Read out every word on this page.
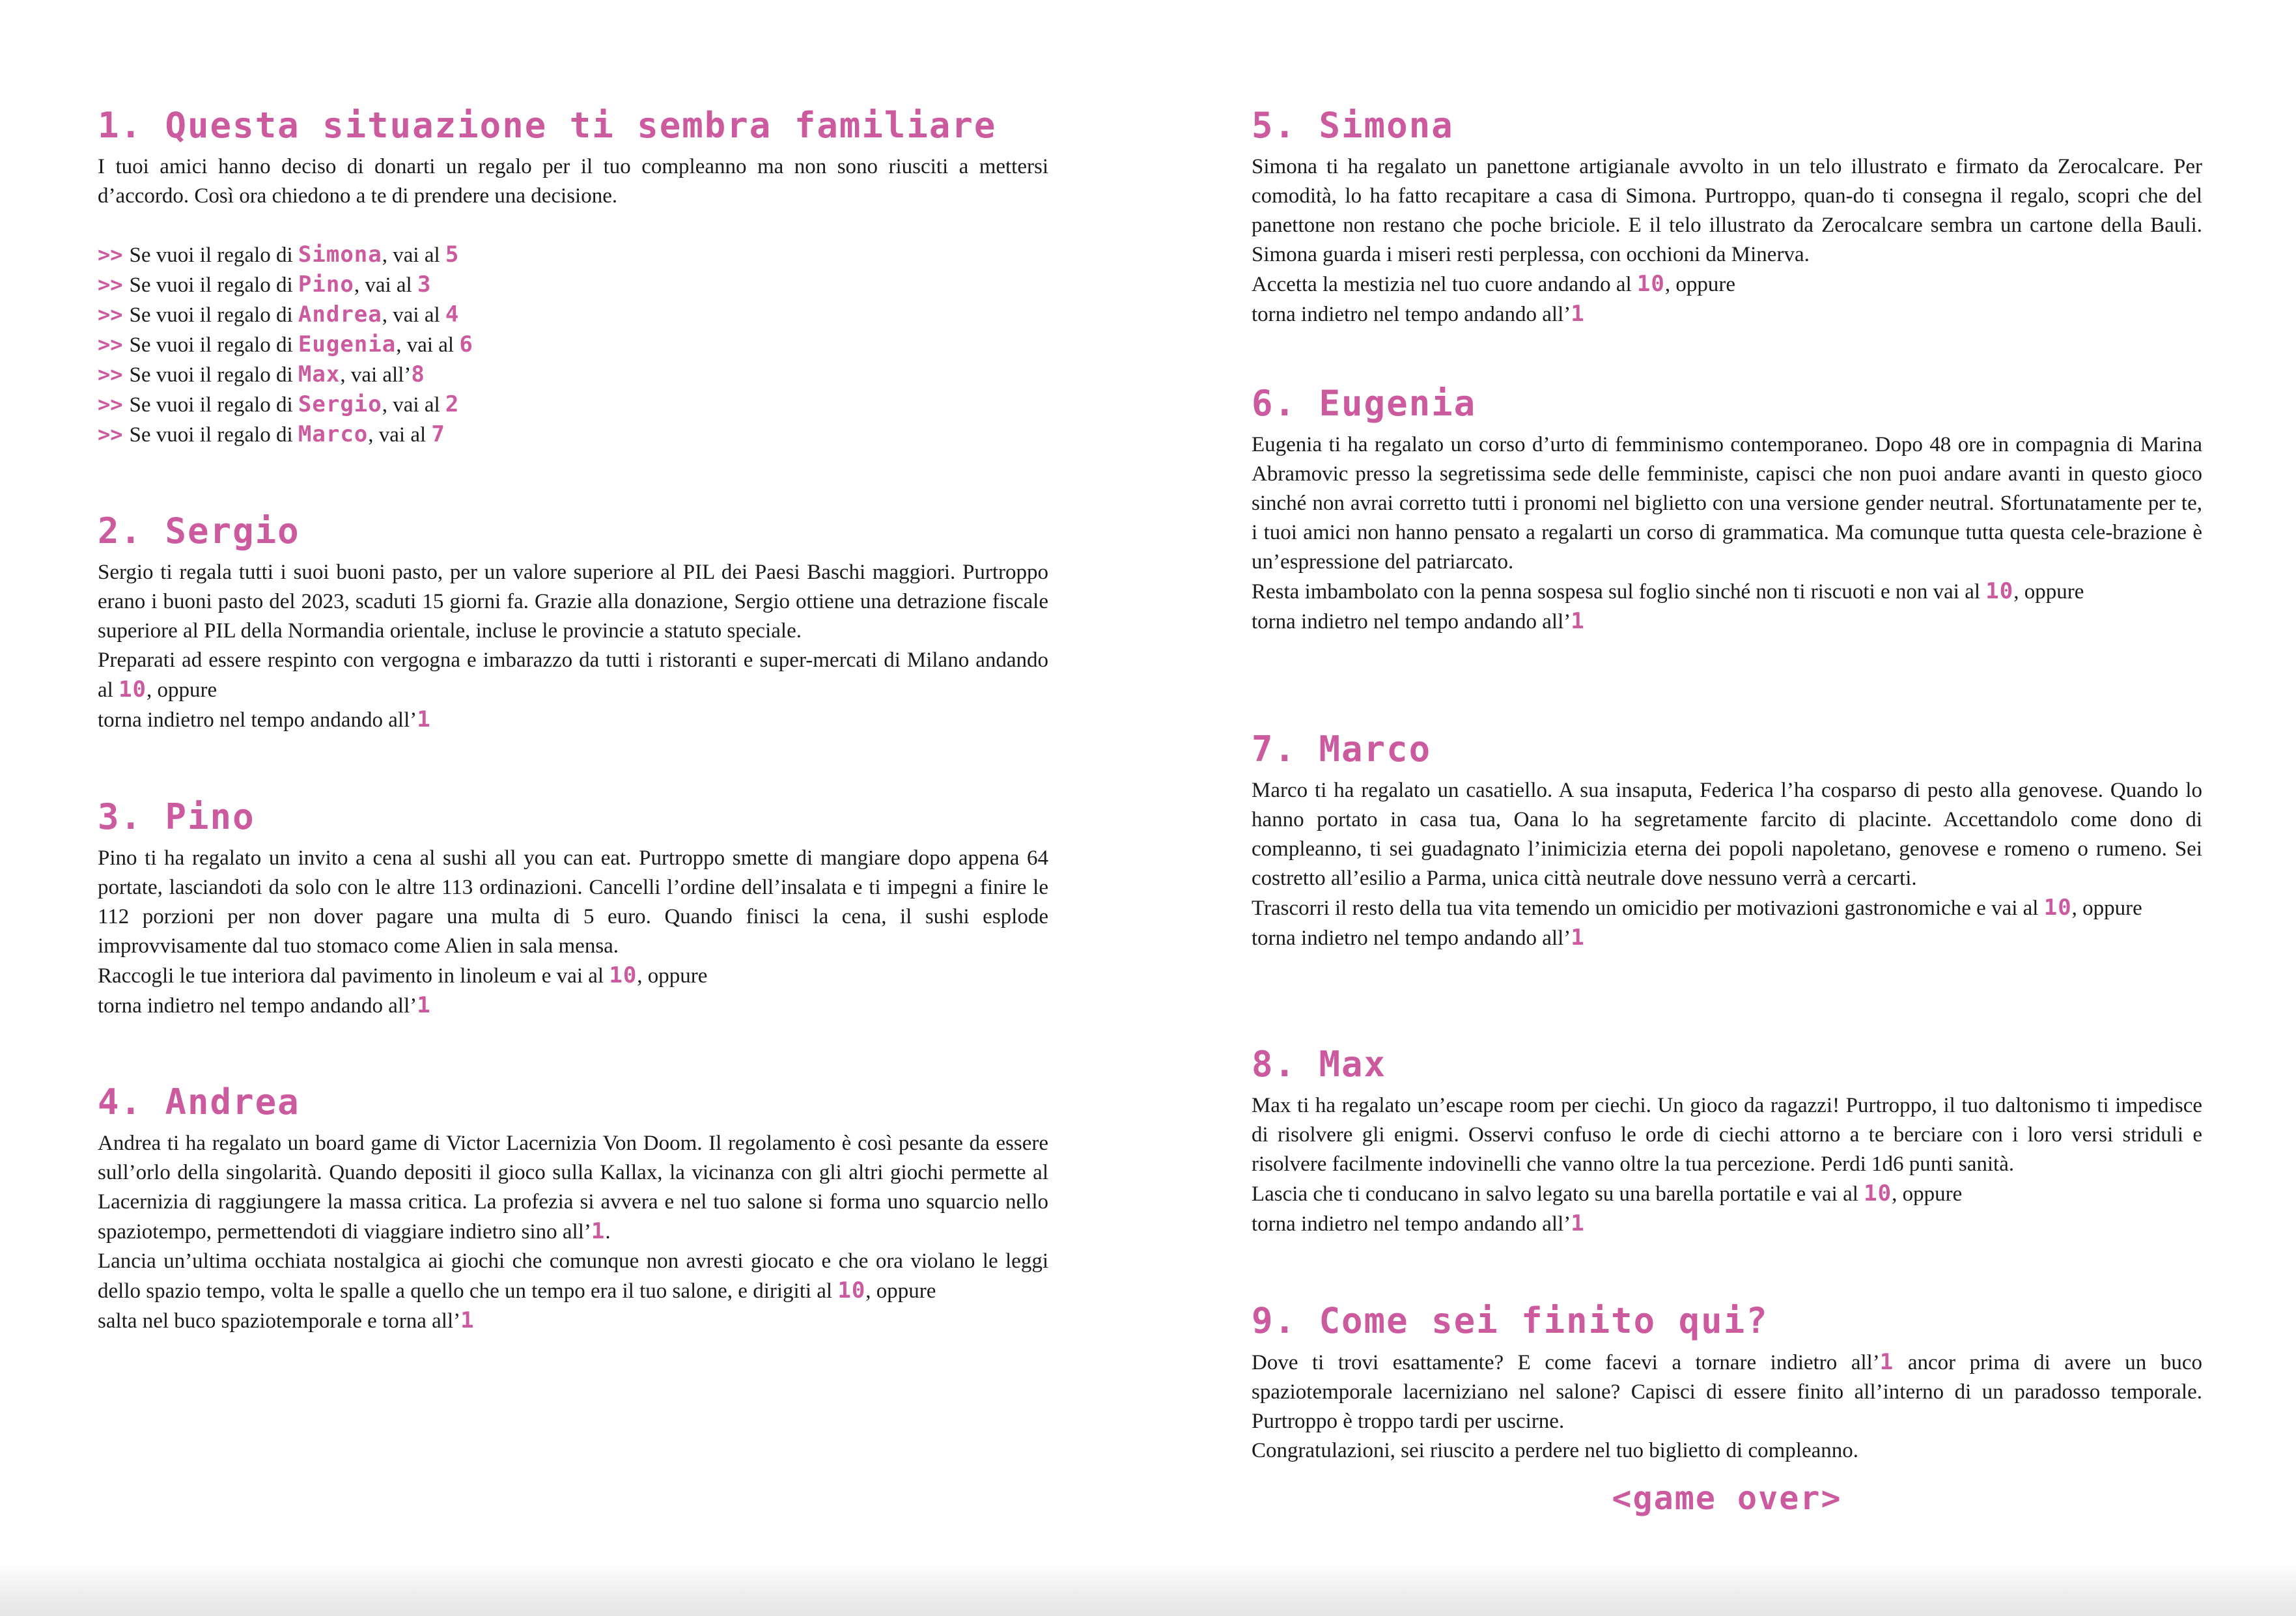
1. Questa situazione ti sembra familiare

I tuoi amici hanno deciso di donarti un regalo per il tuo compleanno ma non sono riusciti a mettersi d’accordo. Così ora chiedono a te di prendere una decisione.

>> Se vuoi il regalo di Simona, vai al 5
>> Se vuoi il regalo di Pino, vai al 3
>> Se vuoi il regalo di Andrea, vai al 4
>> Se vuoi il regalo di Eugenia, vai al 6
>> Se vuoi il regalo di Max, vai all’8
>> Se vuoi il regalo di Sergio, vai al 2
>> Se vuoi il regalo di Marco, vai al 7
2. Sergio

Sergio ti regala tutti i suoi buoni pasto, per un valore superiore al PIL dei Paesi Baschi maggiori. Purtroppo erano i buoni pasto del 2023, scaduti 15 giorni fa. Grazie alla donazione, Sergio ottiene una detrazione fiscale superiore al PIL della Normandia orientale, incluse le provincie a statuto speciale.

Preparati ad essere respinto con vergogna e imbarazzo da tutti i ristoranti e super-mercati di Milano andando al 10, oppure

torna indietro nel tempo andando all’1

3. Pino

Pino ti ha regalato un invito a cena al sushi all you can eat. Purtroppo smette di mangiare dopo appena 64 portate, lasciandoti da solo con le altre 113 ordinazioni. Cancelli l’ordine dell’insalata e ti impegni a finire le 112 porzioni per non dover pagare una multa di 5 euro. Quando finisci la cena, il sushi esplode improvvisamente dal tuo stomaco come Alien in sala mensa.

Raccogli le tue interiora dal pavimento in linoleum e vai al 10, oppure

torna indietro nel tempo andando all’1

4. Andrea

Andrea ti ha regalato un board game di Victor Lacernizia Von Doom. Il regolamento è così pesante da essere sull’orlo della singolarità. Quando depositi il gioco sulla Kallax, la vicinanza con gli altri giochi permette al Lacernizia di raggiungere la massa critica. La profezia si avvera e nel tuo salone si forma uno squarcio nello spaziotempo, permettendoti di viaggiare indietro sino all’1.

Lancia un’ultima occhiata nostalgica ai giochi che comunque non avresti giocato e che ora violano le leggi dello spazio tempo, volta le spalle a quello che un tempo era il tuo salone, e dirigiti al 10, oppure

salta nel buco spaziotemporale e torna all’1

5. Simona

Simona ti ha regalato un panettone artigianale avvolto in un telo illustrato e firmato da Zerocalcare. Per comodità, lo ha fatto recapitare a casa di Simona. Purtroppo, quan-do ti consegna il regalo, scopri che del panettone non restano che poche briciole. E il telo illustrato da Zerocalcare sembra un cartone della Bauli. Simona guarda i miseri resti perplessa, con occhioni da Minerva.

Accetta la mestizia nel tuo cuore andando al 10, oppure

torna indietro nel tempo andando all’1

6. Eugenia

Eugenia ti ha regalato un corso d’urto di femminismo contemporaneo. Dopo 48 ore in compagnia di Marina Abramovic presso la segretissima sede delle femministe, capisci che non puoi andare avanti in questo gioco sinché non avrai corretto tutti i pronomi nel biglietto con una versione gender neutral. Sfortunatamente per te, i tuoi amici non hanno pensato a regalarti un corso di grammatica. Ma comunque tutta questa cele-brazione è un’espressione del patriarcato.

Resta imbambolato con la penna sospesa sul foglio sinché non ti riscuoti e non vai al 10, oppure

torna indietro nel tempo andando all’1

7. Marco

Marco ti ha regalato un casatiello. A sua insaputa, Federica l’ha cosparso di pesto alla genovese. Quando lo hanno portato in casa tua, Oana lo ha segretamente farcito di placinte. Accettandolo come dono di compleanno, ti sei guadagnato l’inimicizia eterna dei popoli napoletano, genovese e romeno o rumeno. Sei costretto all’esilio a Parma, unica città neutrale dove nessuno verrà a cercarti.

Trascorri il resto della tua vita temendo un omicidio per motivazioni gastronomiche e vai al 10, oppure

torna indietro nel tempo andando all’1

8. Max

Max ti ha regalato un’escape room per ciechi. Un gioco da ragazzi! Purtroppo, il tuo daltonismo ti impedisce di risolvere gli enigmi. Osservi confuso le orde di ciechi attorno a te berciare con i loro versi striduli e risolvere facilmente indovinelli che vanno oltre la tua percezione. Perdi 1d6 punti sanità.

Lascia che ti conducano in salvo legato su una barella portatile e vai al 10, oppure

torna indietro nel tempo andando all’1

9. Come sei finito qui?

Dove ti trovi esattamente? E come facevi a tornare indietro all’1 ancor prima di avere un buco spaziotemporale lacerniziano nel salone? Capisci di essere finito all’interno di un paradosso temporale. Purtroppo è troppo tardi per uscirne.

Congratulazioni, sei riuscito a perdere nel tuo biglietto di compleanno.

<game over>
